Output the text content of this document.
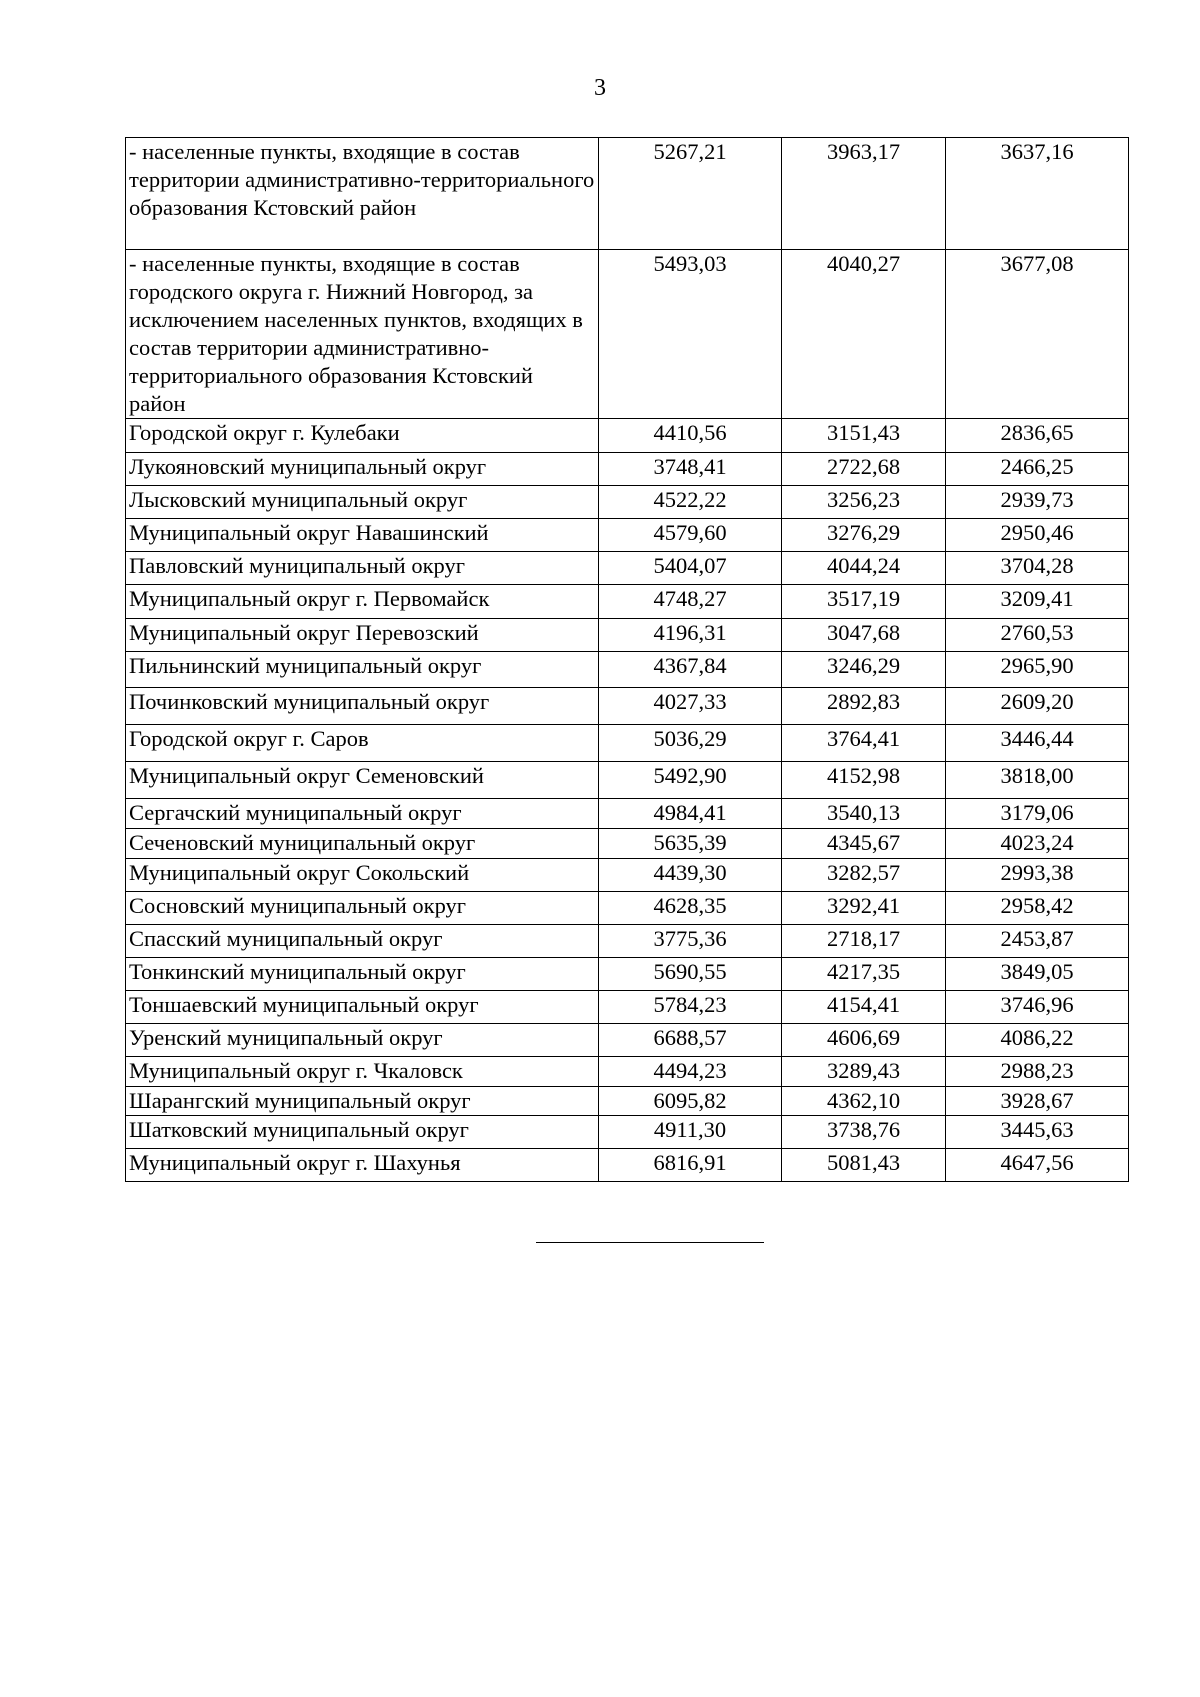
3
- населенные пункты, входящие в состав территории административно-территориального образования Кстовский район	5267,21	3963,17	3637,16
- населенные пункты, входящие в состав городского округа г. Нижний Новгород, за исключением населенных пунктов, входящих в состав территории административно-территориального образования Кстовский район	5493,03	4040,27	3677,08
Городской округ г. Кулебаки	4410,56	3151,43	2836,65
Лукояновский муниципальный округ	3748,41	2722,68	2466,25
Лысковский муниципальный округ	4522,22	3256,23	2939,73
Муниципальный округ Навашинский	4579,60	3276,29	2950,46
Павловский муниципальный округ	5404,07	4044,24	3704,28
Муниципальный округ г. Первомайск	4748,27	3517,19	3209,41
Муниципальный округ Перевозский	4196,31	3047,68	2760,53
Пильнинский муниципальный округ	4367,84	3246,29	2965,90
Починковский муниципальный округ	4027,33	2892,83	2609,20
Городской округ г. Саров	5036,29	3764,41	3446,44
Муниципальный округ Семеновский	5492,90	4152,98	3818,00
Сергачский муниципальный округ	4984,41	3540,13	3179,06
Сеченовский муниципальный округ	5635,39	4345,67	4023,24
Муниципальный округ Сокольский	4439,30	3282,57	2993,38
Сосновский муниципальный округ	4628,35	3292,41	2958,42
Спасский муниципальный округ	3775,36	2718,17	2453,87
Тонкинский муниципальный округ	5690,55	4217,35	3849,05
Тоншаевский муниципальный округ	5784,23	4154,41	3746,96
Уренский муниципальный округ	6688,57	4606,69	4086,22
Муниципальный округ г. Чкаловск	4494,23	3289,43	2988,23
Шарангский муниципальный округ	6095,82	4362,10	3928,67
Шатковский муниципальный округ	4911,30	3738,76	3445,63
Муниципальный округ г. Шахунья	6816,91	5081,43	4647,56
